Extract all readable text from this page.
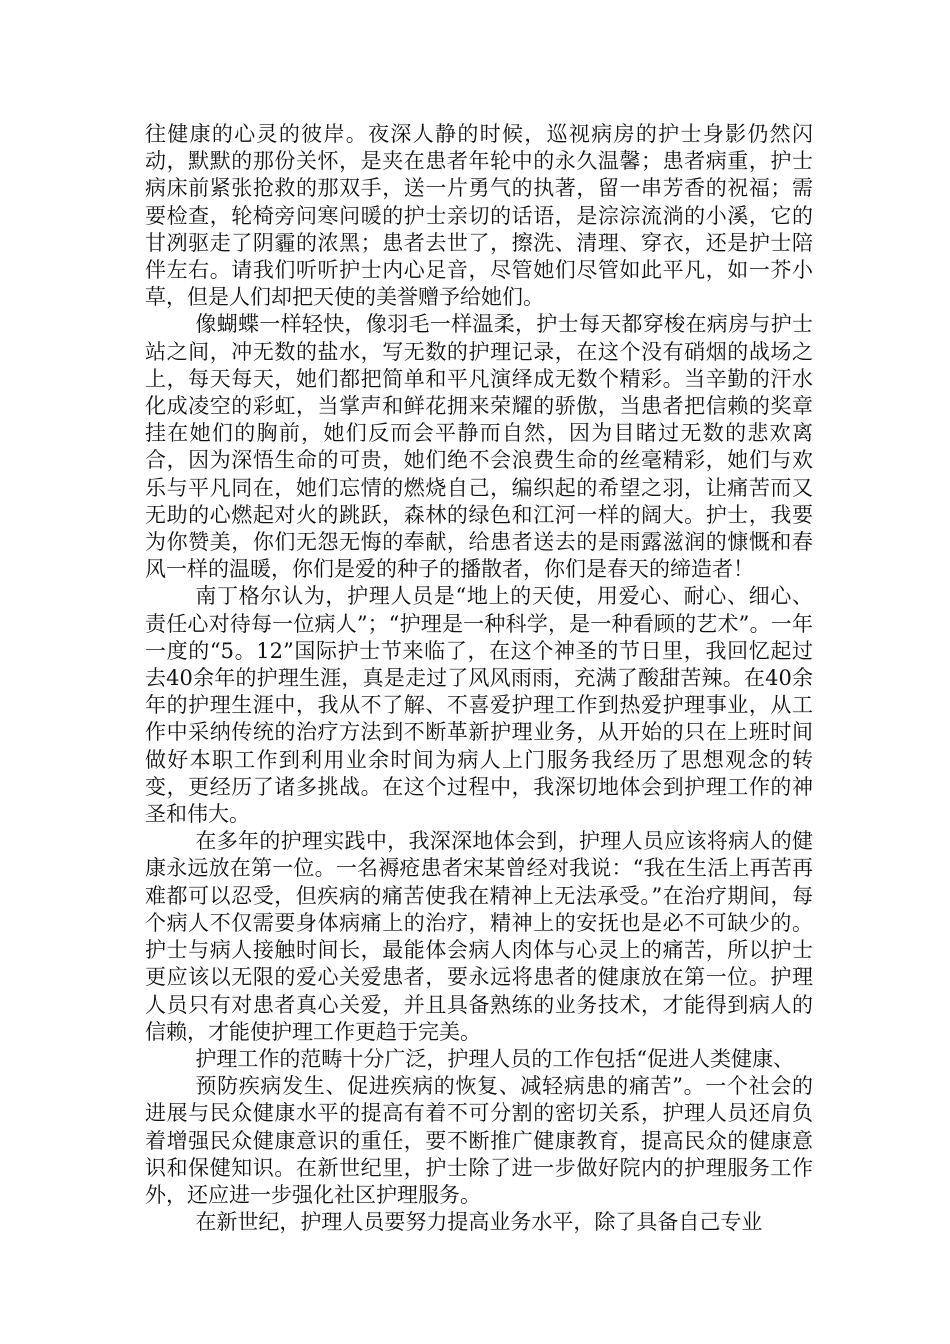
往健康的心灵的彼岸。夜深人静的时候，巡视病房的护士身影仍然闪动，默默的那份关怀，是夹在患者年轮中的永久温馨；患者病重，护士病床前紧张抢救的那双手，送一片勇气的执著，留一串芳香的祝福；需要检查，轮椅旁问寒问暖的护士亲切的话语，是淙淙流淌的小溪，它的甘冽驱走了阴霾的浓黑；患者去世了，擦洗、清理、穿衣，还是护士陪伴左右。请我们听听护士内心足音，尽管她们尽管如此平凡，如一芥小草，但是人们却把天使的美誉赠予给她们。

像蝴蝶一样轻快，像羽毛一样温柔，护士每天都穿梭在病房与护士站之间，冲无数的盐水，写无数的护理记录，在这个没有硝烟的战场之上，每天每天，她们都把简单和平凡演绎成无数个精彩。当辛勤的汗水化成凌空的彩虹，当掌声和鲜花拥来荣耀的骄傲，当患者把信赖的奖章挂在她们的胸前，她们反而会平静而自然，因为目睹过无数的悲欢离合，因为深悟生命的可贵，她们绝不会浪费生命的丝毫精彩，她们与欢乐与平凡同在，她们忘情的燃烧自己，编织起的希望之羽，让痛苦而又无助的心燃起对火的跳跃，森林的绿色和江河一样的阔大。护士，我要为你赞美，你们无怨无悔的奉献，给患者送去的是雨露滋润的慷慨和春风一样的温暖，你们是爱的种子的播散者，你们是春天的缔造者！

南丁格尔认为，护理人员是“地上的天使，用爱心、耐心、细心、责任心对待每一位病人”；“护理是一种科学，是一种看顾的艺术”。一年一度的“5。12”国际护士节来临了，在这个神圣的节日里，我回忆起过去40余年的护理生涯，真是走过了风风雨雨，充满了酸甜苦辣。在40余年的护理生涯中，我从不了解、不喜爱护理工作到热爱护理事业，从工作中采纳传统的治疗方法到不断革新护理业务，从开始的只在上班时间做好本职工作到利用业余时间为病人上门服务我经历了思想观念的转变，更经历了诸多挑战。在这个过程中，我深切地体会到护理工作的神圣和伟大。

在多年的护理实践中，我深深地体会到，护理人员应该将病人的健康永远放在第一位。一名褥疮患者宋某曾经对我说：“我在生活上再苦再难都可以忍受，但疾病的痛苦使我在精神上无法承受。”在治疗期间，每个病人不仅需要身体病痛上的治疗，精神上的安抚也是必不可缺少的。护士与病人接触时间长，最能体会病人肉体与心灵上的痛苦，所以护士更应该以无限的爱心关爱患者，要永远将患者的健康放在第一位。护理人员只有对患者真心关爱，并且具备熟练的业务技术，才能得到病人的信赖，才能使护理工作更趋于完美。

护理工作的范畴十分广泛，护理人员的工作包括“促进人类健康、

预防疾病发生、促进疾病的恢复、减轻病患的痛苦”。一个社会的进展与民众健康水平的提高有着不可分割的密切关系，护理人员还肩负着增强民众健康意识的重任，要不断推广健康教育，提高民众的健康意识和保健知识。在新世纪里，护士除了进一步做好院内的护理服务工作外，还应进一步强化社区护理服务。

在新世纪，护理人员要努力提高业务水平，除了具备自己专业
